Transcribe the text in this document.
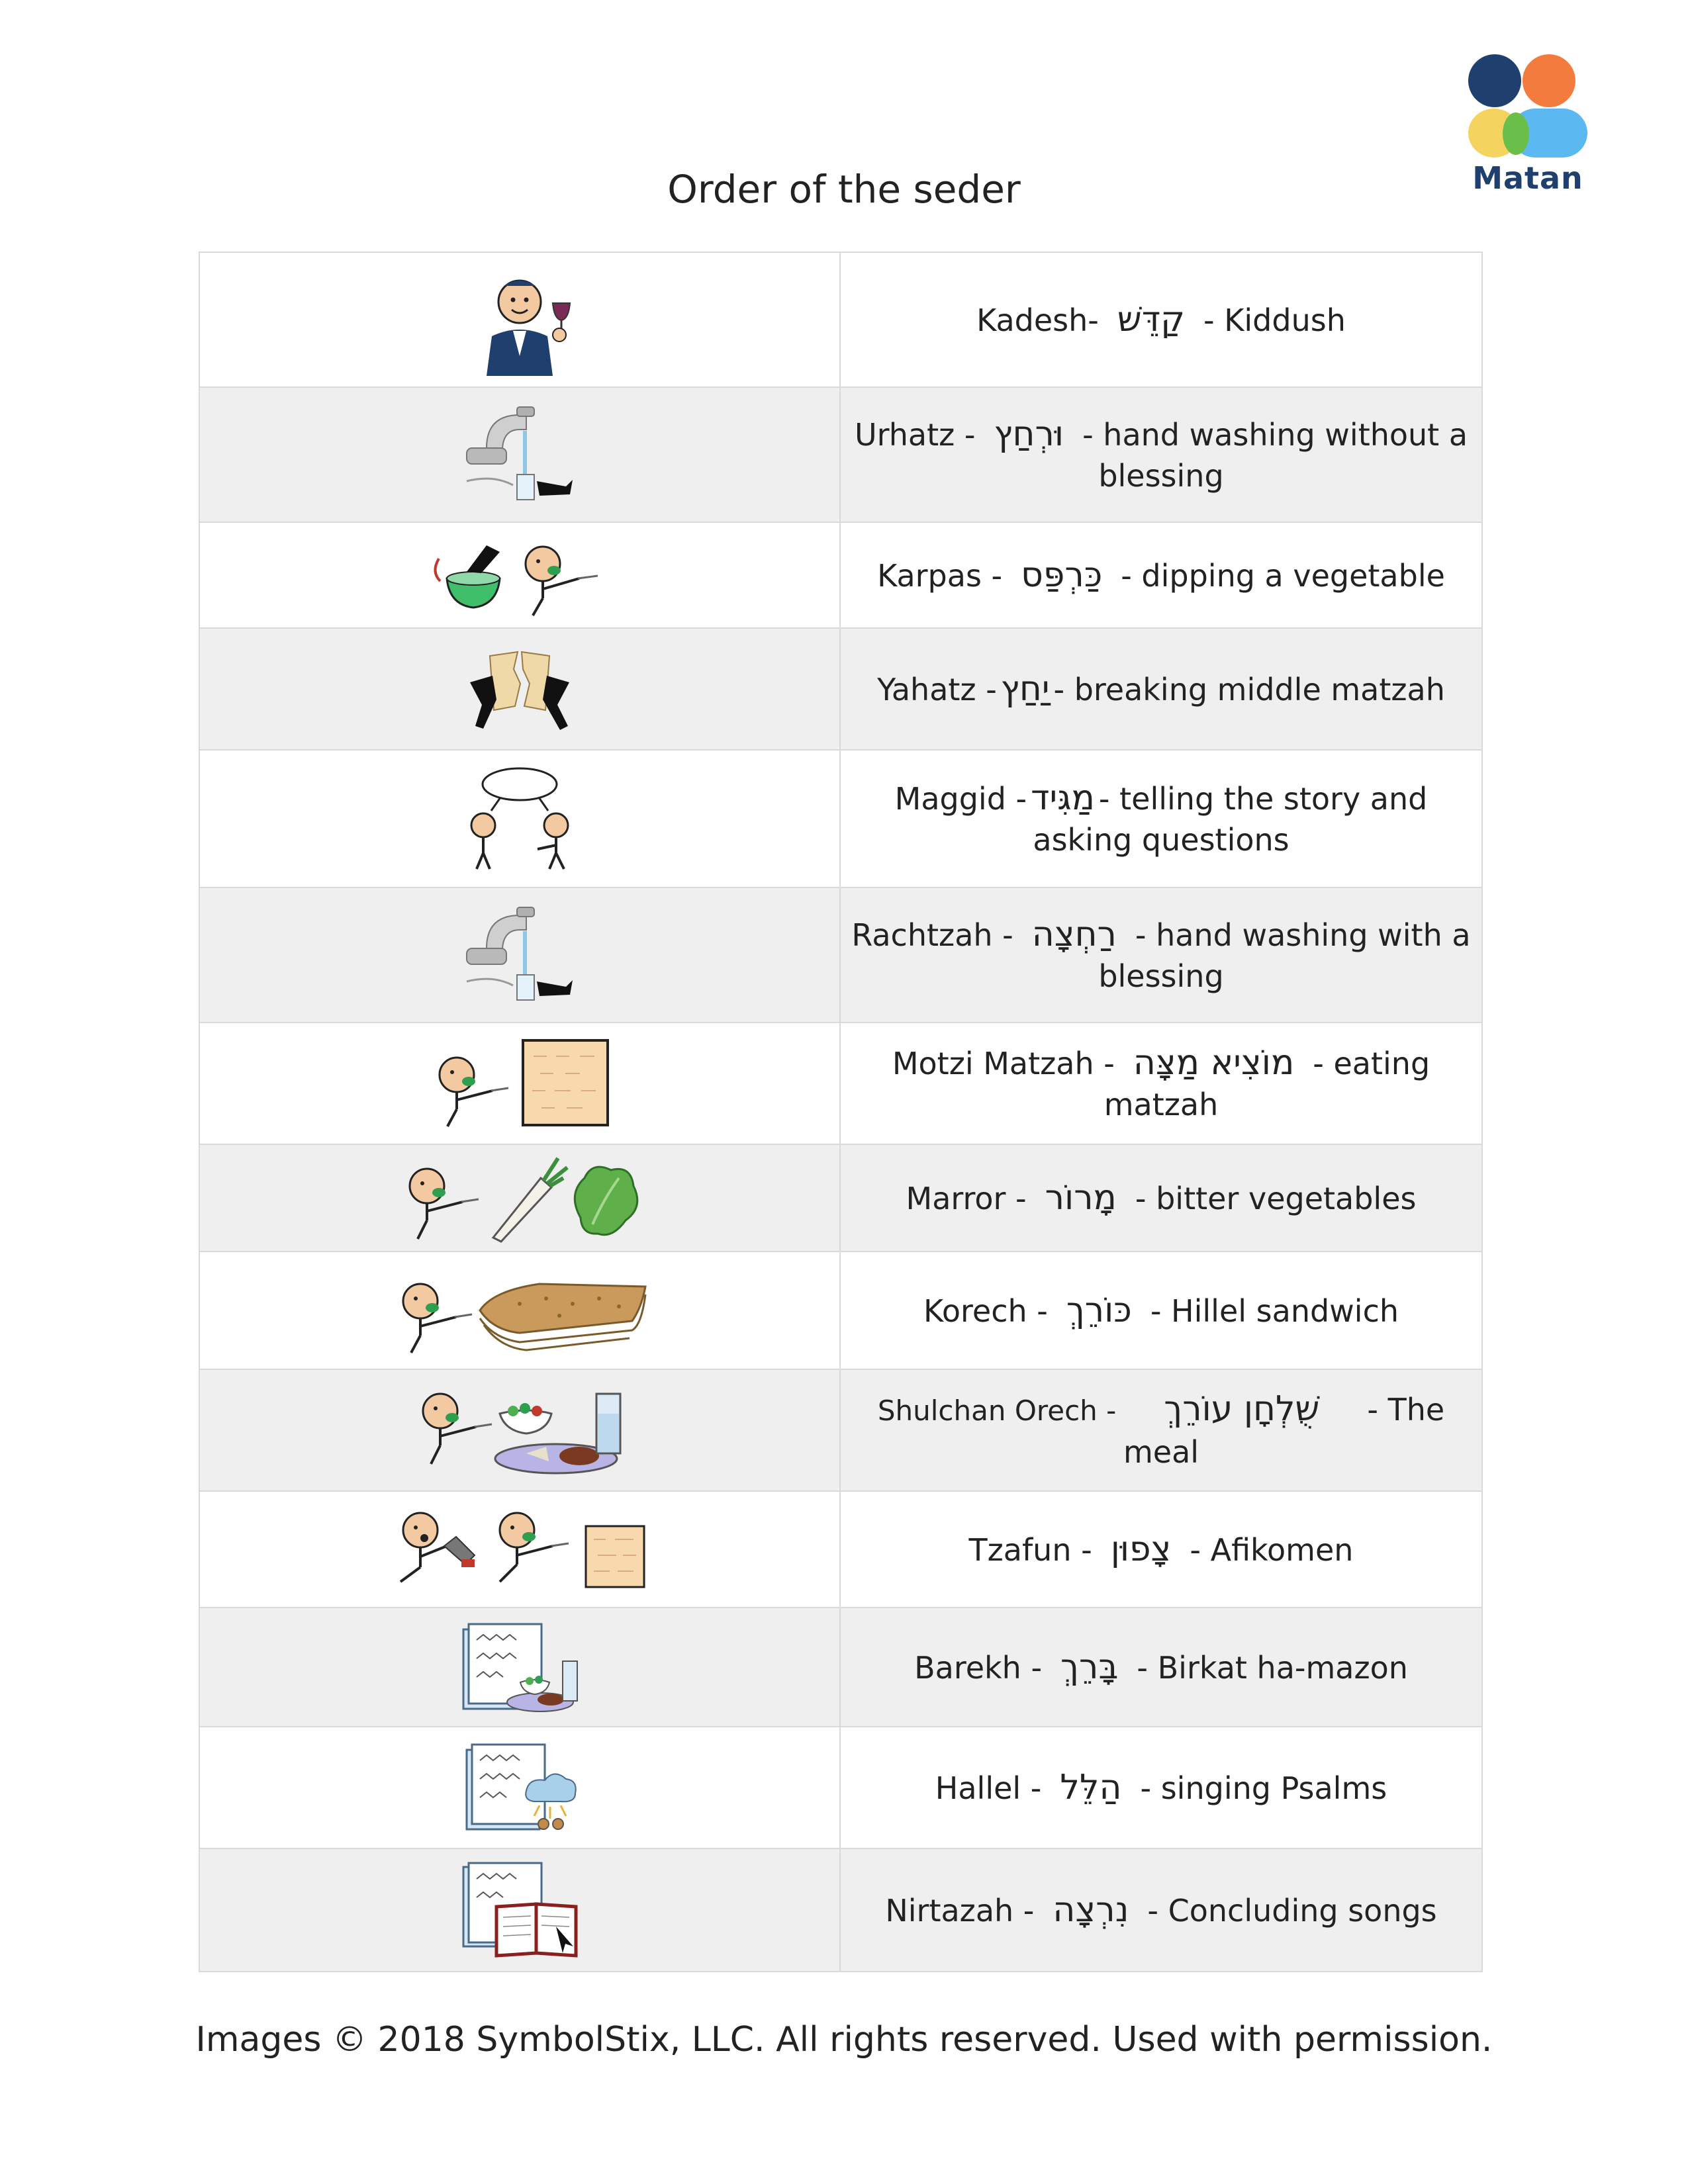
Matan
Order of the seder
Kadesh- קַדֵּשׁ - Kiddush
Urhatz - וּרְחַץ - hand washing without a blessing
Karpas - כַּרְפַּס - dipping a vegetable
Yahatz - יַחַץ - breaking middle matzah
Maggid - מַגִּיד - telling the story and asking questions
Rachtzah - רַחְצָה - hand washing with a blessing
Motzi Matzah - מוֹצִיא מַצָּה - eating matzah
Marror - מָרוֹר - bitter vegetables
Korech - כּוֹרֵךְ - Hillel sandwich
Shulchan Orech - שֻׁלְחָן עוֹרֵךְ - The meal
Tzafun - צָפוּן - Afikomen
Barekh - בָּרֵךְ - Birkat ha-mazon
Hallel - הַלֵּל - singing Psalms
Nirtazah - נִרְצָה - Concluding songs
Images © 2018 SymbolStix, LLC. All rights reserved. Used with permission.
